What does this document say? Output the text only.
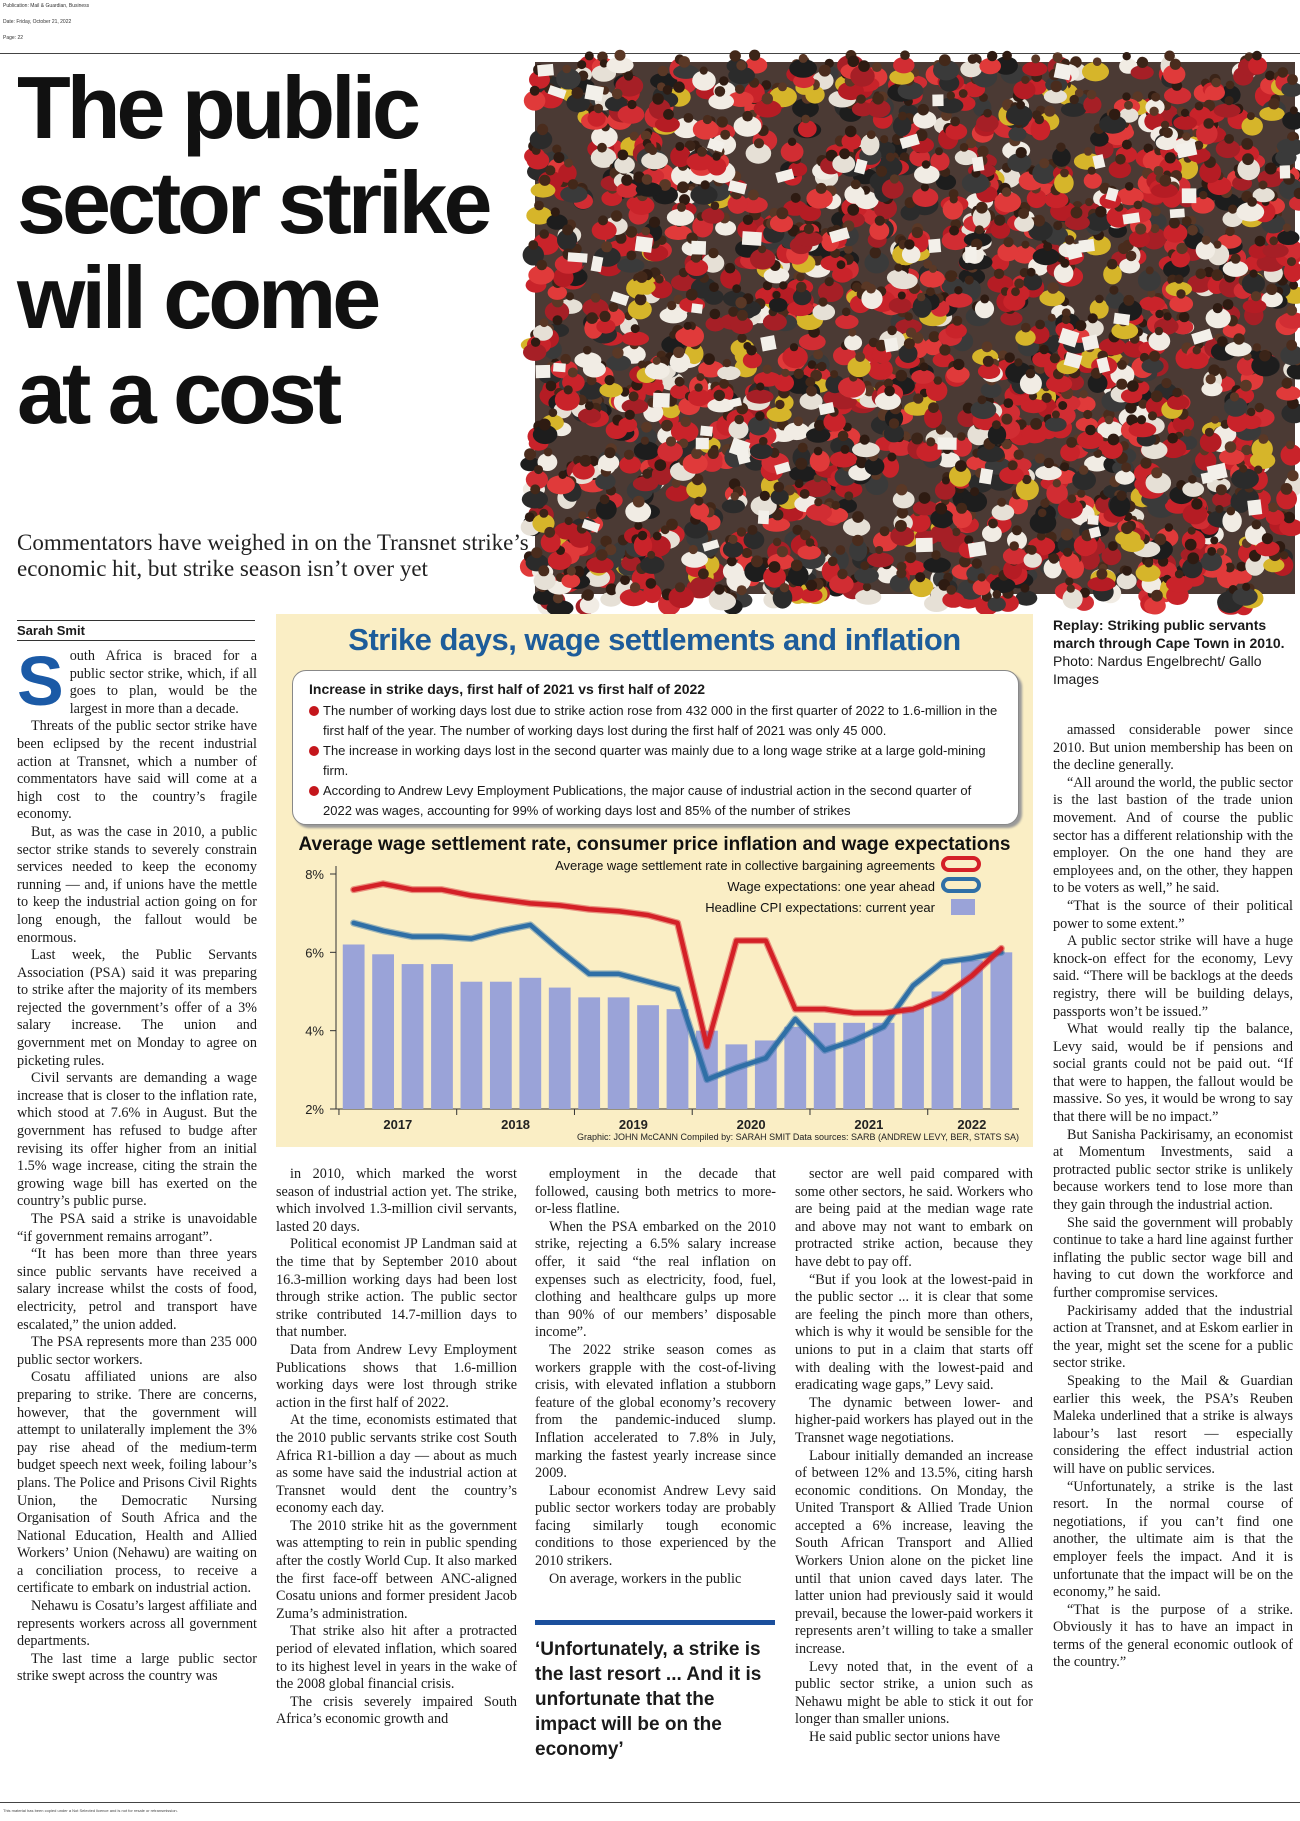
Publication: Mail & Guardian, Business
Date: Friday, October 21, 2022
Page: 22
The public
sector strike
will come
at a cost
Commentators have weighed in on the Transnet strike’s economic hit, but strike season isn’t over yet
Sarah Smit	Replay: Striking public servants march through Cape Town in 2010.
Photo: Nardus Engelbrecht/ Gallo Images
Strike days, wage settlements and inflation
Increase in strike days, first half of 2021 vs first half of 2022
The number of working days lost due to strike action rose from 432 000 in the first quarter of 2022 to 1.6-million in the first half of the year. The number of working days lost during the first half of 2021 was only 45 000.
The increase in working days lost in the second quarter was mainly due to a long wage strike at a large gold-mining firm.
According to Andrew Levy Employment Publications, the major cause of industrial action in the second quarter of 2022 was wages, accounting for 99% of working days lost and 85% of the number of strikes
Average wage settlement rate, consumer price inflation and wage expectations
2%
4%
6%
8%
2017	2018	2019	2020	2021	2022
Average wage settlement rate in collective bargaining agreements
Wage expectations: one year ahead
Headline CPI expectations: current year
Graphic: JOHN McCANN Compiled by: SARAH SMIT Data sources: SARB (ANDREW LEVY, BER, STATS SA)
S outh Africa is braced for a public sector strike, which, if all goes to plan, would be the largest in more than a decade.

Threats of the public sector strike have been eclipsed by the recent industrial action at Transnet, which a number of commentators have said will come at a high cost to the country’s fragile economy.

But, as was the case in 2010, a public sector strike stands to severely constrain services needed to keep the economy running — and, if unions have the mettle to keep the industrial action going on for long enough, the fallout would be enormous.

Last week, the Public Servants Association (PSA) said it was preparing to strike after the majority of its members rejected the government’s offer of a 3% salary increase. The union and government met on Monday to agree on picketing rules.

Civil servants are demanding a wage increase that is closer to the inflation rate, which stood at 7.6% in August. But the government has refused to budge after revising its offer higher from an initial 1.5% wage increase, citing the strain the growing wage bill has exerted on the country’s public purse.

The PSA said a strike is unavoidable “if government remains arrogant”.

“It has been more than three years since public servants have received a salary increase whilst the costs of food, electricity, petrol and transport have escalated,” the union added.

The PSA represents more than 235 000 public sector workers.

Cosatu affiliated unions are also preparing to strike. There are concerns, however, that the government will attempt to unilaterally implement the 3% pay rise ahead of the medium-term budget speech next week, foiling labour’s plans. The Police and Prisons Civil Rights Union, the Democratic Nursing Organisation of South Africa and the National Education, Health and Allied Workers’ Union (Nehawu) are waiting on a conciliation process, to receive a certificate to embark on industrial action.

Nehawu is Cosatu’s largest affiliate and represents workers across all government departments.

The last time a large public sector strike swept across the country was

in 2010, which marked the worst season of industrial action yet. The strike, which involved 1.3-million civil servants, lasted 20 days.

Political economist JP Landman said at the time that by September 2010 about 16.3-million working days had been lost through strike action. The public sector strike contributed 14.7-million days to that number.

Data from Andrew Levy Employment Publications shows that 1.6-million working days were lost through strike action in the first half of 2022.

At the time, economists estimated that the 2010 public servants strike cost South Africa R1-billion a day — about as much as some have said the industrial action at Transnet would dent the country’s economy each day.

The 2010 strike hit as the government was attempting to rein in public spending after the costly World Cup. It also marked the first face-off between ANC-aligned Cosatu unions and former president Jacob Zuma’s administration.

That strike also hit after a protracted period of elevated inflation, which soared to its highest level in years in the wake of the 2008 global financial crisis.

The crisis severely impaired South Africa’s economic growth and

employment in the decade that followed, causing both metrics to more-or-less flatline.

When the PSA embarked on the 2010 strike, rejecting a 6.5% salary increase offer, it said “the real inflation on expenses such as electricity, food, fuel, clothing and healthcare gulps up more than 90% of our members’ disposable income”.

The 2022 strike season comes as workers grapple with the cost-of-living crisis, with elevated inflation a stubborn feature of the global economy’s recovery from the pandemic-induced slump. Inflation accelerated to 7.8% in July, marking the fastest yearly increase since 2009.

Labour economist Andrew Levy said public sector workers today are probably facing similarly tough economic conditions to those experienced by the 2010 strikers.

On average, workers in the public

sector are well paid compared with some other sectors, he said. Workers who are being paid at the median wage rate and above may not want to embark on protracted strike action, because they have debt to pay off.

“But if you look at the lowest-paid in the public sector ... it is clear that some are feeling the pinch more than others, which is why it would be sensible for the unions to put in a claim that starts off with dealing with the lowest-paid and eradicating wage gaps,” Levy said.

The dynamic between lower- and higher-paid workers has played out in the Transnet wage negotiations.

Labour initially demanded an increase of between 12% and 13.5%, citing harsh economic conditions. On Monday, the United Transport & Allied Trade Union accepted a 6% increase, leaving the South African Transport and Allied Workers Union alone on the picket line until that union caved days later. The latter union had previously said it would prevail, because the lower-paid workers it represents aren’t willing to take a smaller increase.

Levy noted that, in the event of a public sector strike, a union such as Nehawu might be able to stick it out for longer than smaller unions.

He said public sector unions have

amassed considerable power since 2010. But union membership has been on the decline generally.

“All around the world, the public sector is the last bastion of the trade union movement. And of course the public sector has a different relationship with the employer. On the one hand they are employees and, on the other, they happen to be voters as well,” he said.

“That is the source of their political power to some extent.”

A public sector strike will have a huge knock-on effect for the economy, Levy said. “There will be backlogs at the deeds registry, there will be building delays, passports won’t be issued.”

What would really tip the balance, Levy said, would be if pensions and social grants could not be paid out. “If that were to happen, the fallout would be massive. So yes, it would be wrong to say that there will be no impact.”

But Sanisha Packirisamy, an economist at Momentum Investments, said a protracted public sector strike is unlikely because workers tend to lose more than they gain through the industrial action.

She said the government will probably continue to take a hard line against further inflating the public sector wage bill and having to cut down the workforce and further compromise services.

Packirisamy added that the industrial action at Transnet, and at Eskom earlier in the year, might set the scene for a public sector strike.

Speaking to the Mail & Guardian earlier this week, the PSA’s Reuben Maleka underlined that a strike is always labour’s last resort — especially considering the effect industrial action will have on public services.

“Unfortunately, a strike is the last resort. In the normal course of negotiations, if you can’t find one another, the ultimate aim is that the employer feels the impact. And it is unfortunate that the impact will be on the economy,” he said.

“That is the purpose of a strike. Obviously it has to have an impact in terms of the general economic outlook of the country.”

‘Unfortunately, a strike is the last resort ... And it is unfortunate that the impact will be on the economy’
This material has been copied under a Not Selected licence and is not for resale or retransmission.
